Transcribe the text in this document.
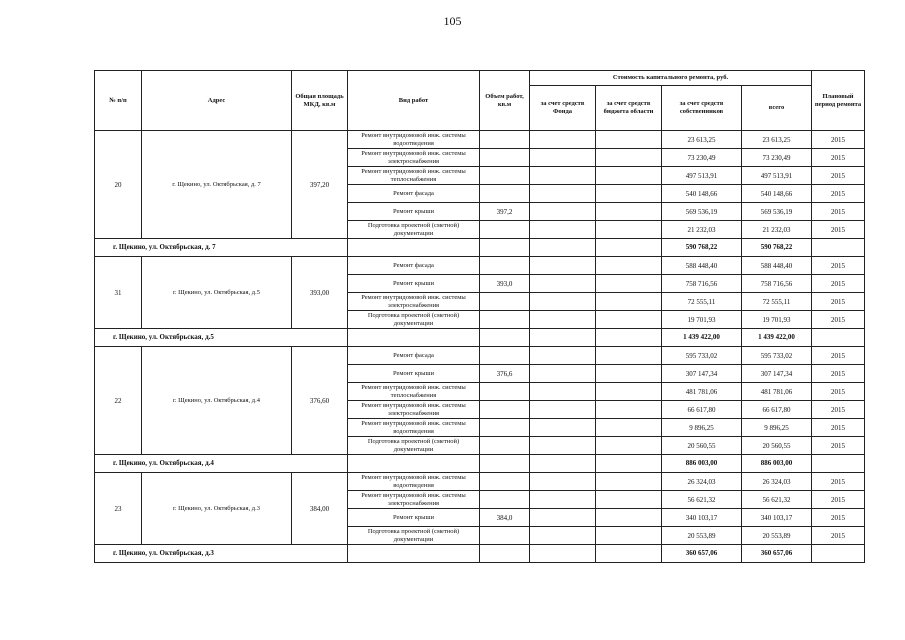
105
№ п/п	Адрес	Общая площадь МКД, кв.м	Вид работ	Объем работ, кв.м	Стоимость капитального ремонта, руб.				Плановый период ремонта
					за счет средств Фонда	за счет средств бюджета области	за счет средств собственников	всего	
20	г. Щекино, ул. Октябрьская, д. 7	397,20	Ремонт внутридомовой инж. системы водоотведения				23 613,25	23 613,25	2015
			Ремонт внутридомовой инж. системы электроснабжения				73 230,49	73 230,49	2015
			Ремонт внутридомовой инж. системы теплоснабжения				497 513,91	497 513,91	2015
			Ремонт фасада				540 148,66	540 148,66	2015
			Ремонт крыши	397,2			569 536,19	569 536,19	2015
			Подготовка проектной (сметной) документации				21 232,03	21 232,03	2015
г. Щекино, ул. Октябрьская, д. 7							590 768,22	590 768,22	
31	г. Щекино, ул. Октябрьская, д.5	393,00	Ремонт фасада				588 448,40	588 448,40	2015
			Ремонт крыши	393,0			758 716,56	758 716,56	2015
			Ремонт внутридомовой инж. системы электроснабжения				72 555,11	72 555,11	2015
			Подготовка проектной (сметной) документации				19 701,93	19 701,93	2015
г. Щекино, ул. Октябрьская, д.5							1 439 422,00	1 439 422,00	
22	г. Щекино, ул. Октябрьская, д.4	376,60	Ремонт фасада				595 733,02	595 733,02	2015
			Ремонт крыши	376,6			307 147,34	307 147,34	2015
			Ремонт внутридомовой инж. системы теплоснабжения				481 781,06	481 781,06	2015
			Ремонт внутридомовой инж. системы электроснабжения				66 617,80	66 617,80	2015
			Ремонт внутридомовой инж. системы водоотведения				9 896,25	9 896,25	2015
			Подготовка проектной (сметной) документации				20 560,55	20 560,55	2015
г. Щекино, ул. Октябрьская, д.4							886 003,00	886 003,00	
23	г. Щекино, ул. Октябрьская, д.3	384,00	Ремонт внутридомовой инж. системы водоотведения				26 324,03	26 324,03	2015
			Ремонт внутридомовой инж. системы электроснабжения				56 621,32	56 621,32	2015
			Ремонт крыши	384,0			340 103,17	340 103,17	2015
			Подготовка проектной (сметной) документации				20 553,89	20 553,89	2015
г. Щекино, ул. Октябрьская, д.3							360 657,06	360 657,06	
